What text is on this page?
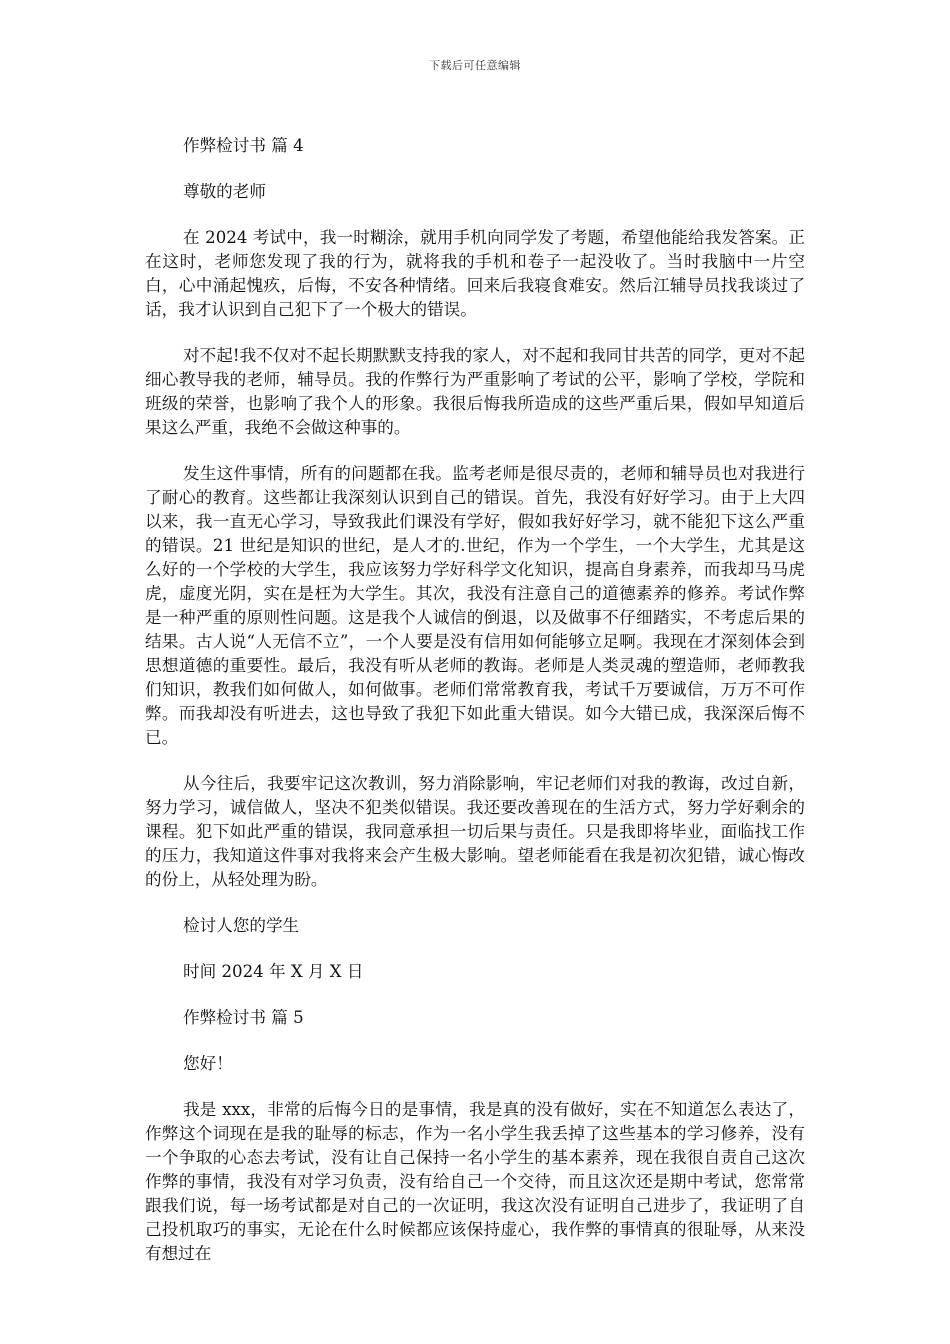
下载后可任意编辑

作弊检讨书 篇 4

尊敬的老师

在 2024 考试中，我一时糊涂，就用手机向同学发了考题，希望他能给我发答案。正在这时，老师您发现了我的行为，就将我的手机和卷子一起没收了。当时我脑中一片空白，心中涌起愧疚，后悔，不安各种情绪。回来后我寝食难安。然后江辅导员找我谈过了话，我才认识到自己犯下了一个极大的错误。

对不起!我不仅对不起长期默默支持我的家人，对不起和我同甘共苦的同学，更对不起细心教导我的老师，辅导员。我的作弊行为严重影响了考试的公平，影响了学校，学院和班级的荣誉，也影响了我个人的形象。我很后悔我所造成的这些严重后果，假如早知道后果这么严重，我绝不会做这种事的。

发生这件事情，所有的问题都在我。监考老师是很尽责的，老师和辅导员也对我进行了耐心的教育。这些都让我深刻认识到自己的错误。首先，我没有好好学习。由于上大四以来，我一直无心学习，导致我此们课没有学好，假如我好好学习，就不能犯下这么严重的错误。21 世纪是知识的世纪，是人才的.世纪，作为一个学生，一个大学生，尤其是这么好的一个学校的大学生，我应该努力学好科学文化知识，提高自身素养，而我却马马虎虎，虚度光阴，实在是枉为大学生。其次，我没有注意自己的道德素养的修养。考试作弊是一种严重的原则性问题。这是我个人诚信的倒退，以及做事不仔细踏实，不考虑后果的结果。古人说“人无信不立”，一个人要是没有信用如何能够立足啊。我现在才深刻体会到思想道德的重要性。最后，我没有听从老师的教诲。老师是人类灵魂的塑造师，老师教我们知识，教我们如何做人，如何做事。老师们常常教育我，考试千万要诚信，万万不可作弊。而我却没有听进去，这也导致了我犯下如此重大错误。如今大错已成，我深深后悔不已。

从今往后，我要牢记这次教训，努力消除影响，牢记老师们对我的教诲，改过自新，努力学习，诚信做人，坚决不犯类似错误。我还要改善现在的生活方式，努力学好剩余的课程。犯下如此严重的错误，我同意承担一切后果与责任。只是我即将毕业，面临找工作的压力，我知道这件事对我将来会产生极大影响。望老师能看在我是初次犯错，诚心悔改的份上，从轻处理为盼。

检讨人您的学生

时间 2024 年 X 月 X 日

作弊检讨书 篇 5

您好！

我是 xxx，非常的后悔今日的是事情，我是真的没有做好，实在不知道怎么表达了，作弊这个词现在是我的耻辱的标志，作为一名小学生我丢掉了这些基本的学习修养，没有一个争取的心态去考试，没有让自己保持一名小学生的基本素养，现在我很自责自己这次作弊的事情，我没有对学习负责，没有给自己一个交待，而且这次还是期中考试，您常常跟我们说，每一场考试都是对自己的一次证明，我这次没有证明自己进步了，我证明了自己投机取巧的事实，无论在什么时候都应该保持虚心，我作弊的事情真的很耻辱，从来没有想过在
